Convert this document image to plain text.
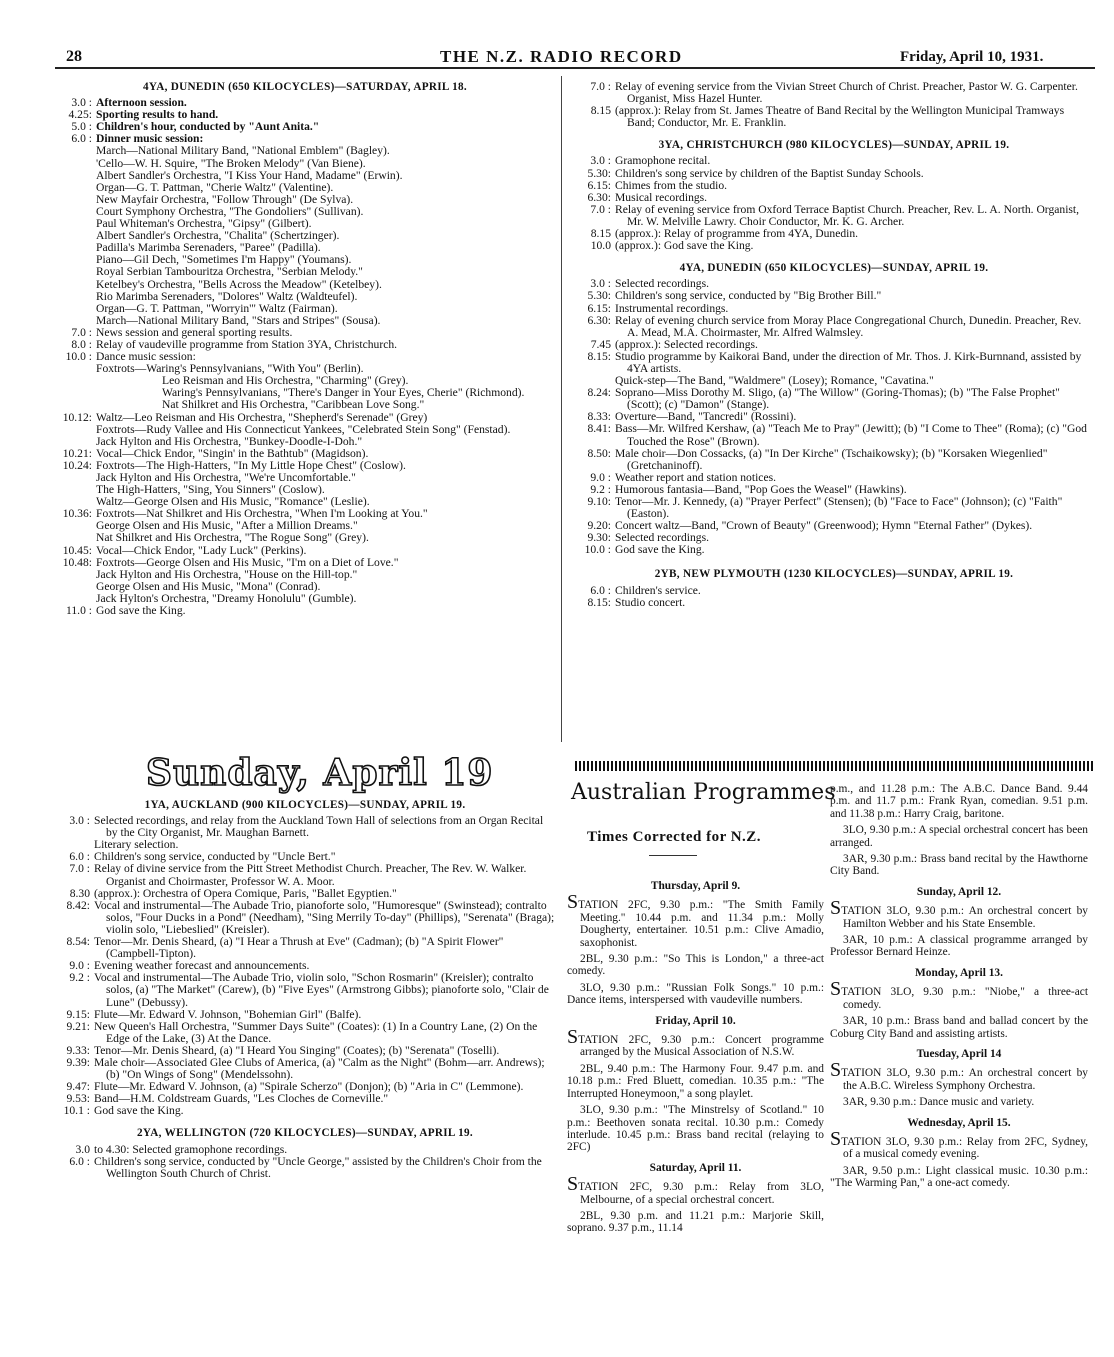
28	THE N.Z. RADIO RECORD	Friday, April 10, 1931.
4YA, DUNEDIN (650 KILOCYCLES)—SATURDAY, APRIL 18.
3.0 : Afternoon session.
4.25: Sporting results to hand.
5.0 : Children's hour, conducted by "Aunt Anita."
6.0 : Dinner music session:
March—National Military Band, "National Emblem" (Bagley).
'Cello—W. H. Squire, "The Broken Melody" (Van Biene).
Albert Sandler's Orchestra, "I Kiss Your Hand, Madame" (Erwin).
Organ—G. T. Pattman, "Cherie Waltz" (Valentine).
New Mayfair Orchestra, "Follow Through" (De Sylva).
Court Symphony Orchestra, "The Gondoliers" (Sullivan).
Paul Whiteman's Orchestra, "Gipsy" (Gilbert).
Albert Sandler's Orchestra, "Chalita" (Schertzinger).
Padilla's Marimba Serenaders, "Paree" (Padilla).
Piano—Gil Dech, "Sometimes I'm Happy" (Youmans).
Royal Serbian Tambouritza Orchestra, "Serbian Melody."
Ketelbey's Orchestra, "Bells Across the Meadow" (Ketelbey).
Rio Marimba Serenaders, "Dolores" Waltz (Waldteufel).
Organ—G. T. Pattman, "Worryin'" Waltz (Fairman).
March—National Military Band, "Stars and Stripes" (Sousa).
7.0 : News session and general sporting results.
8.0 : Relay of vaudeville programme from Station 3YA, Christchurch.
10.0 : Dance music session:
Foxtrots—Waring's Pennsylvanians, "With You" (Berlin).
Leo Reisman and His Orchestra, "Charming" (Grey).
Waring's Pennsylvanians, "There's Danger in Your Eyes, Cherie" (Richmond).
Nat Shilkret and His Orchestra, "Caribbean Love Song."
10.12: Waltz—Leo Reisman and His Orchestra, "Shepherd's Serenade" (Grey)
Foxtrots—Rudy Vallee and His Connecticut Yankees, "Celebrated Stein Song" (Fenstad).
Jack Hylton and His Orchestra, "Bunkey-Doodle-I-Doh."
10.21: Vocal—Chick Endor, "Singin' in the Bathtub" (Magidson).
10.24: Foxtrots—The High-Hatters, "In My Little Hope Chest" (Coslow).
Jack Hylton and His Orchestra, "We're Uncomfortable."
The High-Hatters, "Sing, You Sinners" (Coslow).
Waltz—George Olsen and His Music, "Romance" (Leslie).
10.36: Foxtrots—Nat Shilkret and His Orchestra, "When I'm Looking at You."
George Olsen and His Music, "After a Million Dreams."
Nat Shilkret and His Orchestra, "The Rogue Song" (Grey).
10.45: Vocal—Chick Endor, "Lady Luck" (Perkins).
10.48: Foxtrots—George Olsen and His Music, "I'm on a Diet of Love."
Jack Hylton and His Orchestra, "House on the Hill-top."
George Olsen and His Music, "Mona" (Conrad).
Jack Hylton's Orchestra, "Dreamy Honolulu" (Gumble).
11.0 : God save the King.
7.0 : Relay of evening service from the Vivian Street Church of Christ. Preacher, Pastor W. G. Carpenter. Organist, Miss Hazel Hunter.
8.15 (approx.): Relay from St. James Theatre of Band Recital by the Wellington Municipal Tramways Band; Conductor, Mr. E. Franklin.
3YA, CHRISTCHURCH (980 KILOCYCLES)—SUNDAY, APRIL 19.
3.0 : Gramophone recital.
5.30: Children's song service by children of the Baptist Sunday Schools.
6.15: Chimes from the studio.
6.30: Musical recordings.
7.0 : Relay of evening service from Oxford Terrace Baptist Church. Preacher, Rev. L. A. North. Organist, Mr. W. Melville Lawry. Choir Conductor, Mr. K. G. Archer.
8.15 (approx.): Relay of programme from 4YA, Dunedin.
10.0 (approx.): God save the King.
4YA, DUNEDIN (650 KILOCYCLES)—SUNDAY, APRIL 19.
3.0 : Selected recordings.
5.30: Children's song service, conducted by "Big Brother Bill."
6.15: Instrumental recordings.
6.30: Relay of evening church service from Moray Place Congregational Church, Dunedin. Preacher, Rev. A. Mead, M.A. Choirmaster, Mr. Alfred Walmsley.
7.45 (approx.): Selected recordings.
8.15: Studio programme by Kaikorai Band, under the direction of Mr. Thos. J. Kirk-Burnnand, assisted by 4YA artists.
Quick-step—The Band, "Waldmere" (Losey); Romance, "Cavatina."
8.24: Soprano—Miss Dorothy M. Sligo, (a) "The Willow" (Goring-Thomas); (b) "The False Prophet" (Scott); (c) "Damon" (Stange).
8.33: Overture—Band, "Tancredi" (Rossini).
8.41: Bass—Mr. Wilfred Kershaw, (a) "Teach Me to Pray" (Jewitt); (b) "I Come to Thee" (Roma); (c) "God Touched the Rose" (Brown).
8.50: Male choir—Don Cossacks, (a) "In Der Kirche" (Tschaikowsky); (b) "Korsaken Wiegenlied" (Gretchaninoff).
9.0 : Weather report and station notices.
9.2 : Humorous fantasia—Band, "Pop Goes the Weasel" (Hawkins).
9.10: Tenor—Mr. J. Kennedy, (a) "Prayer Perfect" (Stensen); (b) "Face to Face" (Johnson); (c) "Faith" (Easton).
9.20: Concert waltz—Band, "Crown of Beauty" (Greenwood); Hymn "Eternal Father" (Dykes).
9.30: Selected recordings.
10.0 : God save the King.
2YB, NEW PLYMOUTH (1230 KILOCYCLES)—SUNDAY, APRIL 19.
6.0 : Children's service.
8.15: Studio concert.
Sunday, April 19
1YA, AUCKLAND (900 KILOCYCLES)—SUNDAY, APRIL 19.
3.0 : Selected recordings, and relay from the Auckland Town Hall of selections from an Organ Recital by the City Organist, Mr. Maughan Barnett.
Literary selection.
6.0 : Children's song service, conducted by "Uncle Bert."
7.0 : Relay of divine service from the Pitt Street Methodist Church. Preacher, The Rev. W. Walker. Organist and Choirmaster, Professor W. A. Moor.
8.30 (approx.): Orchestra of Opera Comique, Paris, "Ballet Egyptien."
8.42: Vocal and instrumental—The Aubade Trio, pianoforte solo, "Humoresque" (Swinstead); contralto solos, "Four Ducks in a Pond" (Needham), "Sing Merrily To-day" (Phillips), "Serenata" (Braga); violin solo, "Liebeslied" (Kreisler).
8.54: Tenor—Mr. Denis Sheard, (a) "I Hear a Thrush at Eve" (Cadman); (b) "A Spirit Flower" (Campbell-Tipton).
9.0 : Evening weather forecast and announcements.
9.2 : Vocal and instrumental—The Aubade Trio, violin solo, "Schon Rosmarin" (Kreisler); contralto solos, (a) "The Market" (Carew), (b) "Five Eyes" (Armstrong Gibbs); pianoforte solo, "Clair de Lune" (Debussy).
9.15: Flute—Mr. Edward V. Johnson, "Bohemian Girl" (Balfe).
9.21: New Queen's Hall Orchestra, "Summer Days Suite" (Coates): (1) In a Country Lane, (2) On the Edge of the Lake, (3) At the Dance.
9.33: Tenor—Mr. Denis Sheard, (a) "I Heard You Singing" (Coates); (b) "Serenata" (Toselli).
9.39: Male choir—Associated Glee Clubs of America, (a) "Calm as the Night" (Bohm—arr. Andrews); (b) "On Wings of Song" (Mendelssohn).
9.47: Flute—Mr. Edward V. Johnson, (a) "Spirale Scherzo" (Donjon); (b) "Aria in C" (Lemmone).
9.53: Band—H.M. Coldstream Guards, "Les Cloches de Corneville."
10.1 : God save the King.
2YA, WELLINGTON (720 KILOCYCLES)—SUNDAY, APRIL 19.
3.0 to 4.30: Selected gramophone recordings.
6.0 : Children's song service, conducted by "Uncle George," assisted by the Children's Choir from the Wellington South Church of Christ.
Australian Programmes
Times Corrected for N.Z.
Thursday, April 9.
STATION 2FC, 9.30 p.m.: "The Smith Family Meeting." 10.44 p.m. and 11.34 p.m.: Molly Dougherty, entertainer. 10.51 p.m.: Clive Amadio, saxophonist.
2BL, 9.30 p.m.: "So This is London," a three-act comedy.
3LO, 9.30 p.m.: "Russian Folk Songs." 10 p.m.: Dance items, interspersed with vaudeville numbers.
Friday, April 10.
STATION 2FC, 9.30 p.m.: Concert programme arranged by the Musical Association of N.S.W.
2BL, 9.40 p.m.: The Harmony Four. 9.47 p.m. and 10.18 p.m.: Fred Bluett, comedian. 10.35 p.m.: "The Interrupted Honeymoon," a song playlet.
3LO, 9.30 p.m.: "The Minstrelsy of Scotland." 10 p.m.: Beethoven sonata recital. 10.30 p.m.: Comedy interlude. 10.45 p.m.: Brass band recital (relaying to 2FC)
Saturday, April 11.
STATION 2FC, 9.30 p.m.: Relay from 3LO, Melbourne, of a special orchestral concert.
2BL, 9.30 p.m. and 11.21 p.m.: Marjorie Skill, soprano. 9.37 p.m., 11.14
p.m., and 11.28 p.m.: The A.B.C. Dance Band. 9.44 p.m. and 11.7 p.m.: Frank Ryan, comedian. 9.51 p.m. and 11.38 p.m.: Harry Craig, baritone.
3LO, 9.30 p.m.: A special orchestral concert has been arranged.
3AR, 9.30 p.m.: Brass band recital by the Hawthorne City Band.
Sunday, April 12.
STATION 3LO, 9.30 p.m.: An orchestral concert by Hamilton Webber and his State Ensemble.
3AR, 10 p.m.: A classical programme arranged by Professor Bernard Heinze.
Monday, April 13.
STATION 3LO, 9.30 p.m.: "Niobe," a three-act comedy.
3AR, 10 p.m.: Brass band and ballad concert by the Coburg City Band and assisting artists.
Tuesday, April 14
STATION 3LO, 9.30 p.m.: An orchestral concert by the A.B.C. Wireless Symphony Orchestra.
3AR, 9.30 p.m.: Dance music and variety.
Wednesday, April 15.
STATION 3LO, 9.30 p.m.: Relay from 2FC, Sydney, of a musical comedy evening.
3AR, 9.50 p.m.: Light classical music. 10.30 p.m.: "The Warming Pan," a one-act comedy.
